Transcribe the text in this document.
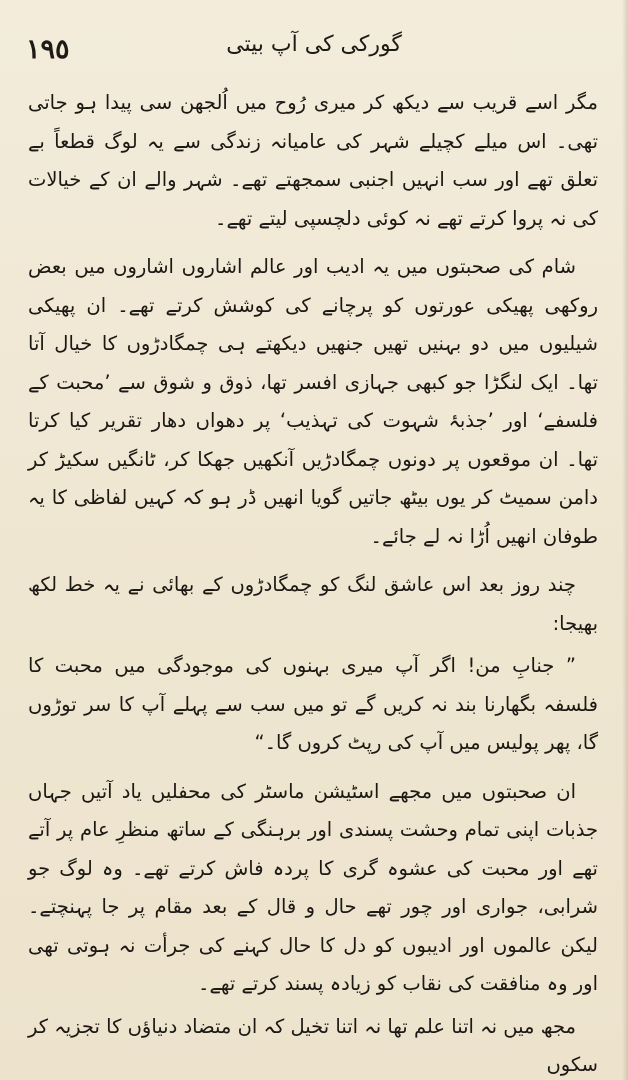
١٩٥	گورکی کی آپ بیتی

مگر اسے قریب سے دیکھ کر میری رُوح میں اُلجھن سی پیدا ہو جاتی تھی۔ اس میلے کچیلے شہر کی عامیانہ زندگی سے یہ لوگ قطعاً بے تعلق تھے اور سب انہیں اجنبی سمجھتے تھے۔ شہر والے ان کے خیالات کی نہ پروا کرتے تھے نہ کوئی دلچسپی لیتے تھے۔

شام کی صحبتوں میں یہ ادیب اور عالم اشاروں اشاروں میں بعض روکھی پھیکی عورتوں کو پرچانے کی کوشش کرتے تھے۔ ان پھیکی شیلیوں میں دو بہنیں تھیں جنھیں دیکھتے ہی چمگادڑوں کا خیال آتا تھا۔ ایک لنگڑا جو کبھی جہازی افسر تھا، ذوق و شوق سے ’محبت کے فلسفے‘ اور ’جذبۂ شہوت کی تہذیب‘ پر دھواں دھار تقریر کیا کرتا تھا۔ ان موقعوں پر دونوں چمگادڑیں آنکھیں جھکا کر، ٹانگیں سکیڑ کر دامن سمیٹ کر یوں بیٹھ جاتیں گویا انھیں ڈر ہو کہ کہیں لفاظی کا یہ طوفان انھیں اُڑا نہ لے جائے۔

چند روز بعد اس عاشق لنگ کو چمگادڑوں کے بھائی نے یہ خط لکھ بھیجا:

” جنابِ من! اگر آپ میری بہنوں کی موجودگی میں محبت کا فلسفہ بگھارنا بند نہ کریں گے تو میں سب سے پہلے آپ کا سر توڑوں گا، پھر پولیس میں آپ کی رپٹ کروں گا۔“

ان صحبتوں میں مجھے اسٹیشن ماسٹر کی محفلیں یاد آتیں جہاں جذبات اپنی تمام وحشت پسندی اور برہنگی کے ساتھ منظرِ عام پر آتے تھے اور محبت کی عشوہ گری کا پردہ فاش کرتے تھے۔ وہ لوگ جو شرابی، جواری اور چور تھے حال و قال کے بعد مقام پر جا پہنچتے۔ لیکن عالموں اور ادیبوں کو دل کا حال کہنے کی جرأت نہ ہوتی تھی اور وہ منافقت کی نقاب کو زیادہ پسند کرتے تھے۔

مجھ میں نہ اتنا علم تھا نہ اتنا تخیل کہ ان متضاد دنیاؤں کا تجزیہ کر سکوں
